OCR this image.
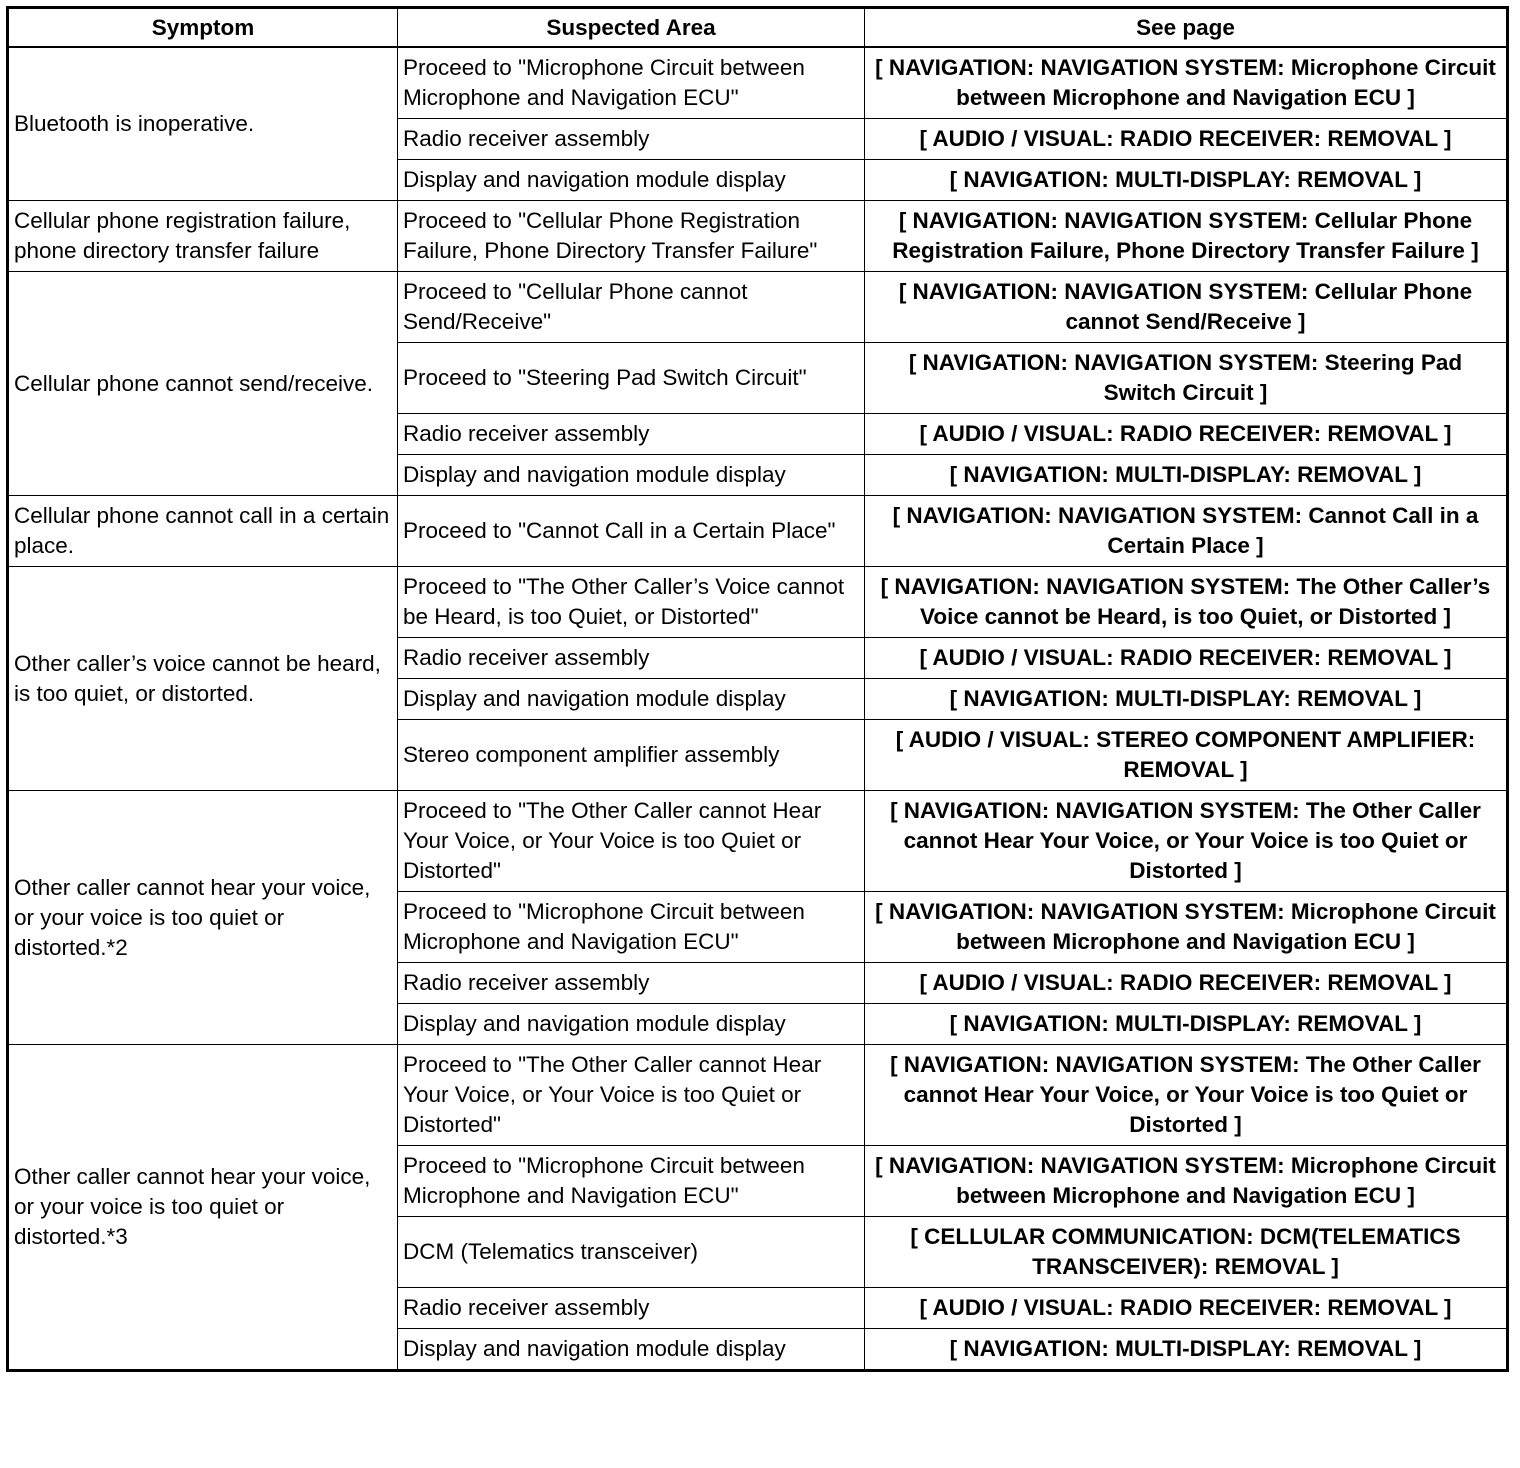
Symptom	Suspected Area	See page
Bluetooth is inoperative.	Proceed to "Microphone Circuit between Microphone and Navigation ECU"	[ NAVIGATION: NAVIGATION SYSTEM: Microphone Circuit between Microphone and Navigation ECU ]
	Radio receiver assembly	[ AUDIO / VISUAL: RADIO RECEIVER: REMOVAL ]
	Display and navigation module display	[ NAVIGATION: MULTI-DISPLAY: REMOVAL ]
Cellular phone registration failure, phone directory transfer failure	Proceed to "Cellular Phone Registration Failure, Phone Directory Transfer Failure"	[ NAVIGATION: NAVIGATION SYSTEM: Cellular Phone Registration Failure, Phone Directory Transfer Failure ]
Cellular phone cannot send/receive.	Proceed to "Cellular Phone cannot Send/Receive"	[ NAVIGATION: NAVIGATION SYSTEM: Cellular Phone cannot Send/Receive ]
	Proceed to "Steering Pad Switch Circuit"	[ NAVIGATION: NAVIGATION SYSTEM: Steering Pad Switch Circuit ]
	Radio receiver assembly	[ AUDIO / VISUAL: RADIO RECEIVER: REMOVAL ]
	Display and navigation module display	[ NAVIGATION: MULTI-DISPLAY: REMOVAL ]
Cellular phone cannot call in a certain place.	Proceed to "Cannot Call in a Certain Place"	[ NAVIGATION: NAVIGATION SYSTEM: Cannot Call in a Certain Place ]
Other caller’s voice cannot be heard, is too quiet, or distorted.	Proceed to "The Other Caller’s Voice cannot be Heard, is too Quiet, or Distorted"	[ NAVIGATION: NAVIGATION SYSTEM: The Other Caller’s Voice cannot be Heard, is too Quiet, or Distorted ]
	Radio receiver assembly	[ AUDIO / VISUAL: RADIO RECEIVER: REMOVAL ]
	Display and navigation module display	[ NAVIGATION: MULTI-DISPLAY: REMOVAL ]
	Stereo component amplifier assembly	[ AUDIO / VISUAL: STEREO COMPONENT AMPLIFIER: REMOVAL ]
Other caller cannot hear your voice, or your voice is too quiet or distorted.*2	Proceed to "The Other Caller cannot Hear Your Voice, or Your Voice is too Quiet or Distorted"	[ NAVIGATION: NAVIGATION SYSTEM: The Other Caller cannot Hear Your Voice, or Your Voice is too Quiet or Distorted ]
	Proceed to "Microphone Circuit between Microphone and Navigation ECU"	[ NAVIGATION: NAVIGATION SYSTEM: Microphone Circuit between Microphone and Navigation ECU ]
	Radio receiver assembly	[ AUDIO / VISUAL: RADIO RECEIVER: REMOVAL ]
	Display and navigation module display	[ NAVIGATION: MULTI-DISPLAY: REMOVAL ]
Other caller cannot hear your voice, or your voice is too quiet or distorted.*3	Proceed to "The Other Caller cannot Hear Your Voice, or Your Voice is too Quiet or Distorted"	[ NAVIGATION: NAVIGATION SYSTEM: The Other Caller cannot Hear Your Voice, or Your Voice is too Quiet or Distorted ]
	Proceed to "Microphone Circuit between Microphone and Navigation ECU"	[ NAVIGATION: NAVIGATION SYSTEM: Microphone Circuit between Microphone and Navigation ECU ]
	DCM (Telematics transceiver)	[ CELLULAR COMMUNICATION: DCM(TELEMATICS TRANSCEIVER): REMOVAL ]
	Radio receiver assembly	[ AUDIO / VISUAL: RADIO RECEIVER: REMOVAL ]
	Display and navigation module display	[ NAVIGATION: MULTI-DISPLAY: REMOVAL ]
